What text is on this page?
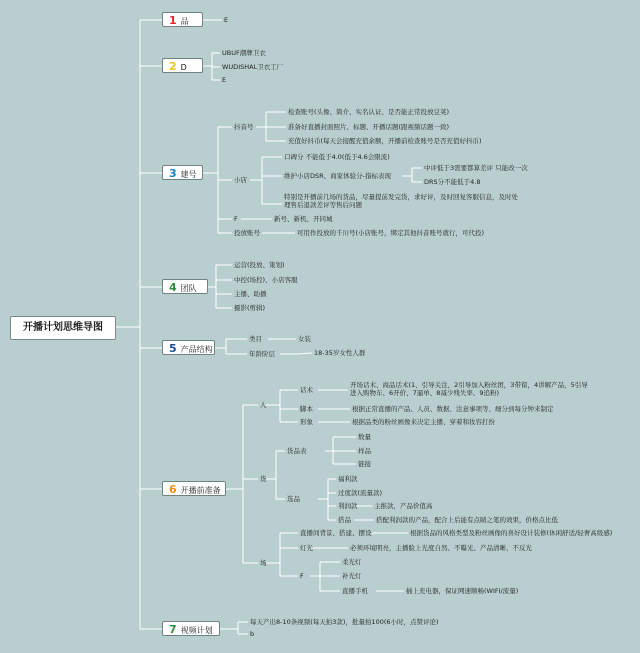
开播计划思维导图
1 品
2 D
3 建号
4 团队
5 产品结构
6 开播前准备
7 视频计划
E
UBUF潮牌卫衣
WUDISHAL卫衣工厂
E
抖音号
检查账号(头像、简介、实名认证、是否能正常投放豆荚)
准备好直播封面照片、标题、开播话题(跟视频话题一致)
充值好抖币(每天会接醒充值余额，开播前检查账号是否充值好抖币)
小店
口碑分 不能低于4.0(低于4.6会限流)
维护小店DSR、商家体验分-指标表现
特别是开播前几场的货品，尽量提前发完货，求好评，及时回复客服信息，及时处理售后退款差评等售后问题
中评低于3需要都算差评 只能改一次
DRS分不能低于4.8
F	新号、新机、开同城
投放账号	可用作投放的千川号(小店账号，绑定其他抖音账号就行，可代投)
运营(投放、策划)
中控(场控)、小店客服
主播、助播
摄影(剪辑)
类目	女装
年龄阶层	18-35岁女性人群
人
话术
开场话术、商品话术(1、引导关注，2引导加入粉丝团，3带留，4讲解产品，5引导进入购物车、6开价、7逼单、8减少残失率、9追粉)
脚本	根据正常直播的产品、人员、数据、注意事项等、细分到每分钟来制定
形象	根据品类的粉丝画像来决定主播、穿着和妆容打扮
货
货品表
数量
样品
链接
选品
福利款
过度款(流量款)
利润款	主推款，产品价值高
搭品	搭配利润款的产品，配合上后能有点睛之笔的效果，价格点比低
场
直播间背景、搭建、摆设	根据货品的风格类型及粉丝画像的喜好设计装修(休闲舒适/轻奢高级感)
灯光	必须环境明亮，主播脸上光度自然、不曝光、产品清晰、不反光
F
柔光灯
补光灯
直播手机	插上充电器，保证网速顺畅(WIFI/流量)
每天产出8-10条视频(每天拍3款)，批量拍100(6小时，点赞评论)
b
